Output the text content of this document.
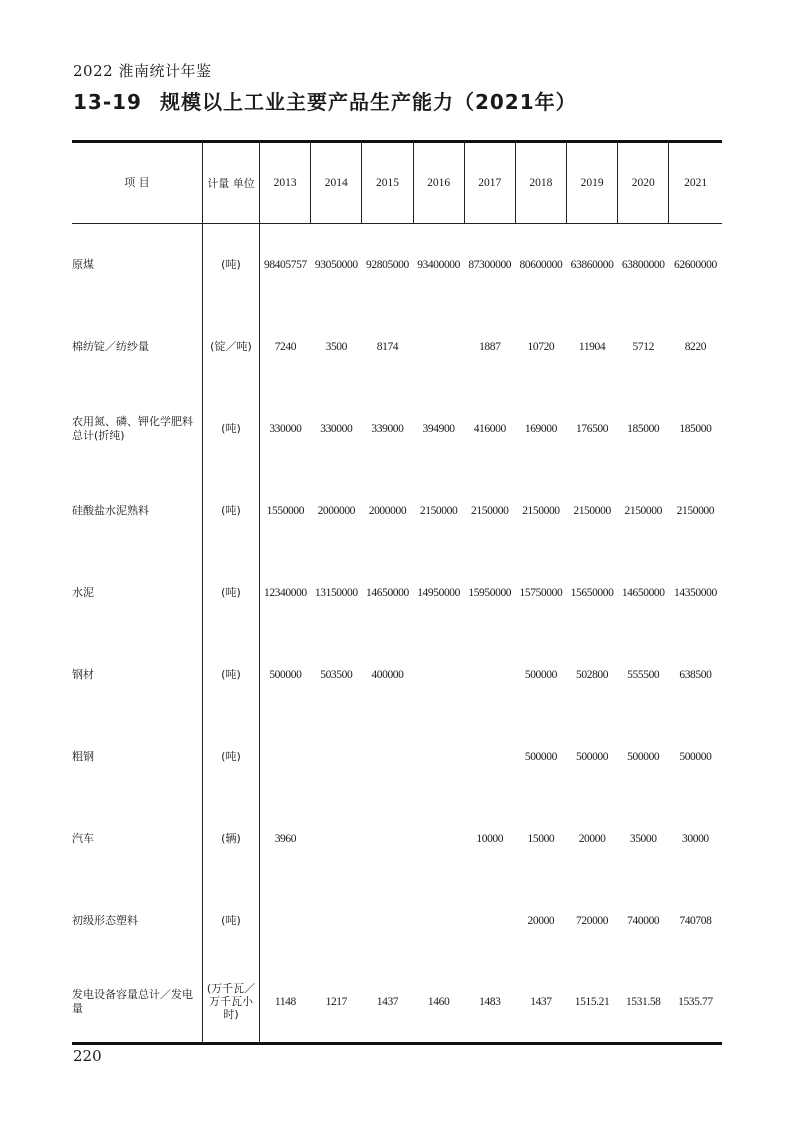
2022 淮南统计年鉴
13-19 规模以上工业主要产品生产能力（2021年）
项 目	计量 单位	2013	2014	2015	2016	2017	2018	2019	2020	2021
原煤	(吨)	98405757	93050000	92805000	93400000	87300000	80600000	63860000	63800000	62600000
棉纺锭／纺纱量	(锭／吨)	7240	3500	8174		1887	10720	11904	5712	8220
农用氮、磷、钾化学肥料总计(折纯)	(吨)	330000	330000	339000	394900	416000	169000	176500	185000	185000
硅酸盐水泥熟料	(吨)	1550000	2000000	2000000	2150000	2150000	2150000	2150000	2150000	2150000
水泥	(吨)	12340000	13150000	14650000	14950000	15950000	15750000	15650000	14650000	14350000
钢材	(吨)	500000	503500	400000			500000	502800	555500	638500
粗钢	(吨)						500000	500000	500000	500000
汽车	(辆)	3960				10000	15000	20000	35000	30000
初级形态塑料	(吨)						20000	720000	740000	740708
发电设备容量总计／发电量	(万千瓦／万千瓦小时)	1148	1217	1437	1460	1483	1437	1515.21	1531.58	1535.77
220
